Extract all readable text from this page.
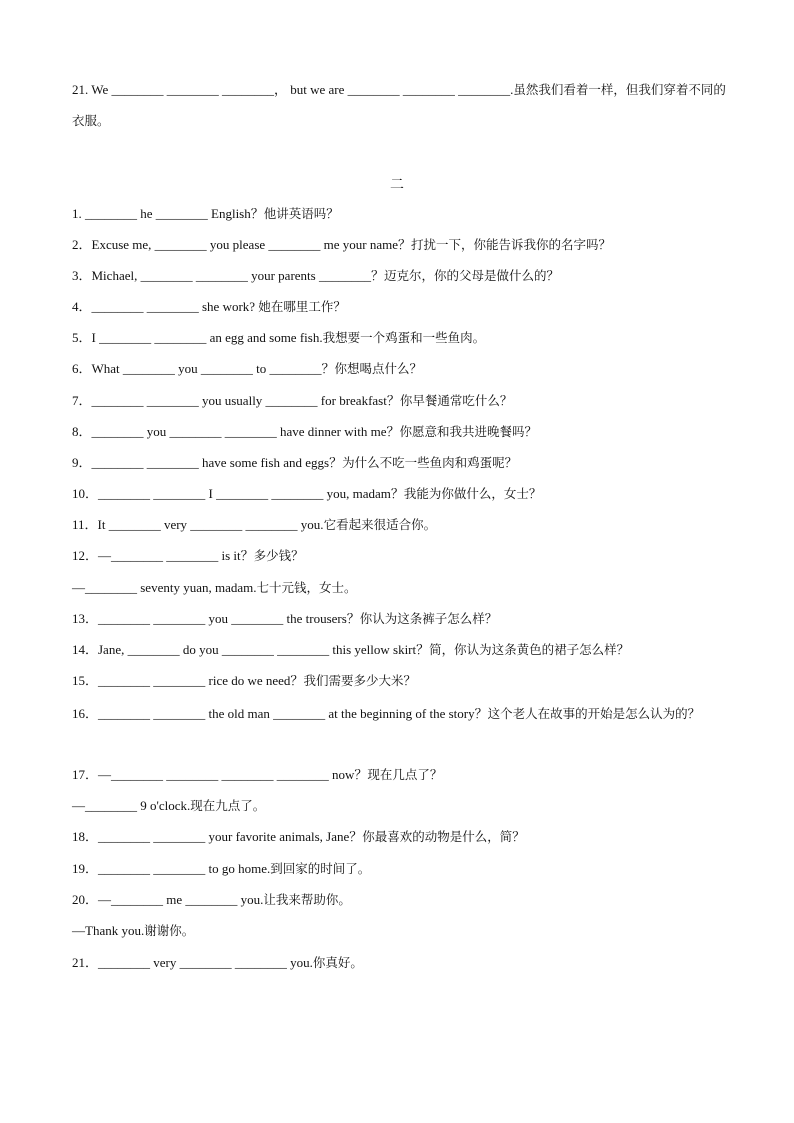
21. We ________ ________ ________， but we are ________ ________ ________.虽然我们看着一样，但我们穿着不同的衣服。
二
1. ________ he ________ English？他讲英语吗？
2．Excuse me, ________ you please ________ me your name？打扰一下，你能告诉我你的名字吗？
3．Michael, ________ ________ your parents ________？迈克尔，你的父母是做什么的？
4．________ ________ she work? 她在哪里工作？
5．I ________ ________ an egg and some fish.我想要一个鸡蛋和一些鱼肉。
6．What ________ you ________ to ________？你想喝点什么？
7．________ ________ you usually ________ for breakfast？你早餐通常吃什么？
8．________ you ________ ________ have dinner with me？你愿意和我共进晚餐吗？
9．________ ________ have some fish and eggs？为什么不吃一些鱼肉和鸡蛋呢？
10．________ ________ I ________ ________ you, madam？我能为你做什么，女士？
11．It ________ very ________ ________ you.它看起来很适合你。
12．—________ ________ is it？多少钱？
—________ seventy yuan, madam.七十元钱，女士。
13．________ ________ you ________ the trousers？你认为这条裤子怎么样？
14．Jane, ________ do you ________ ________ this yellow skirt？简，你认为这条黄色的裙子怎么样？
15．________ ________ rice do we need？我们需要多少大米？
16．________ ________ the old man ________ at the beginning of the story？这个老人在故事的开始是怎么认为的？
17．—________ ________ ________ ________ now？现在几点了？
—________ 9 o'clock.现在九点了。
18．________ ________ your favorite animals, Jane？你最喜欢的动物是什么，简？
19．________ ________ to go home.到回家的时间了。
20．—________ me ________ you.让我来帮助你。
—Thank you.谢谢你。
21．________ very ________ ________ you.你真好。
